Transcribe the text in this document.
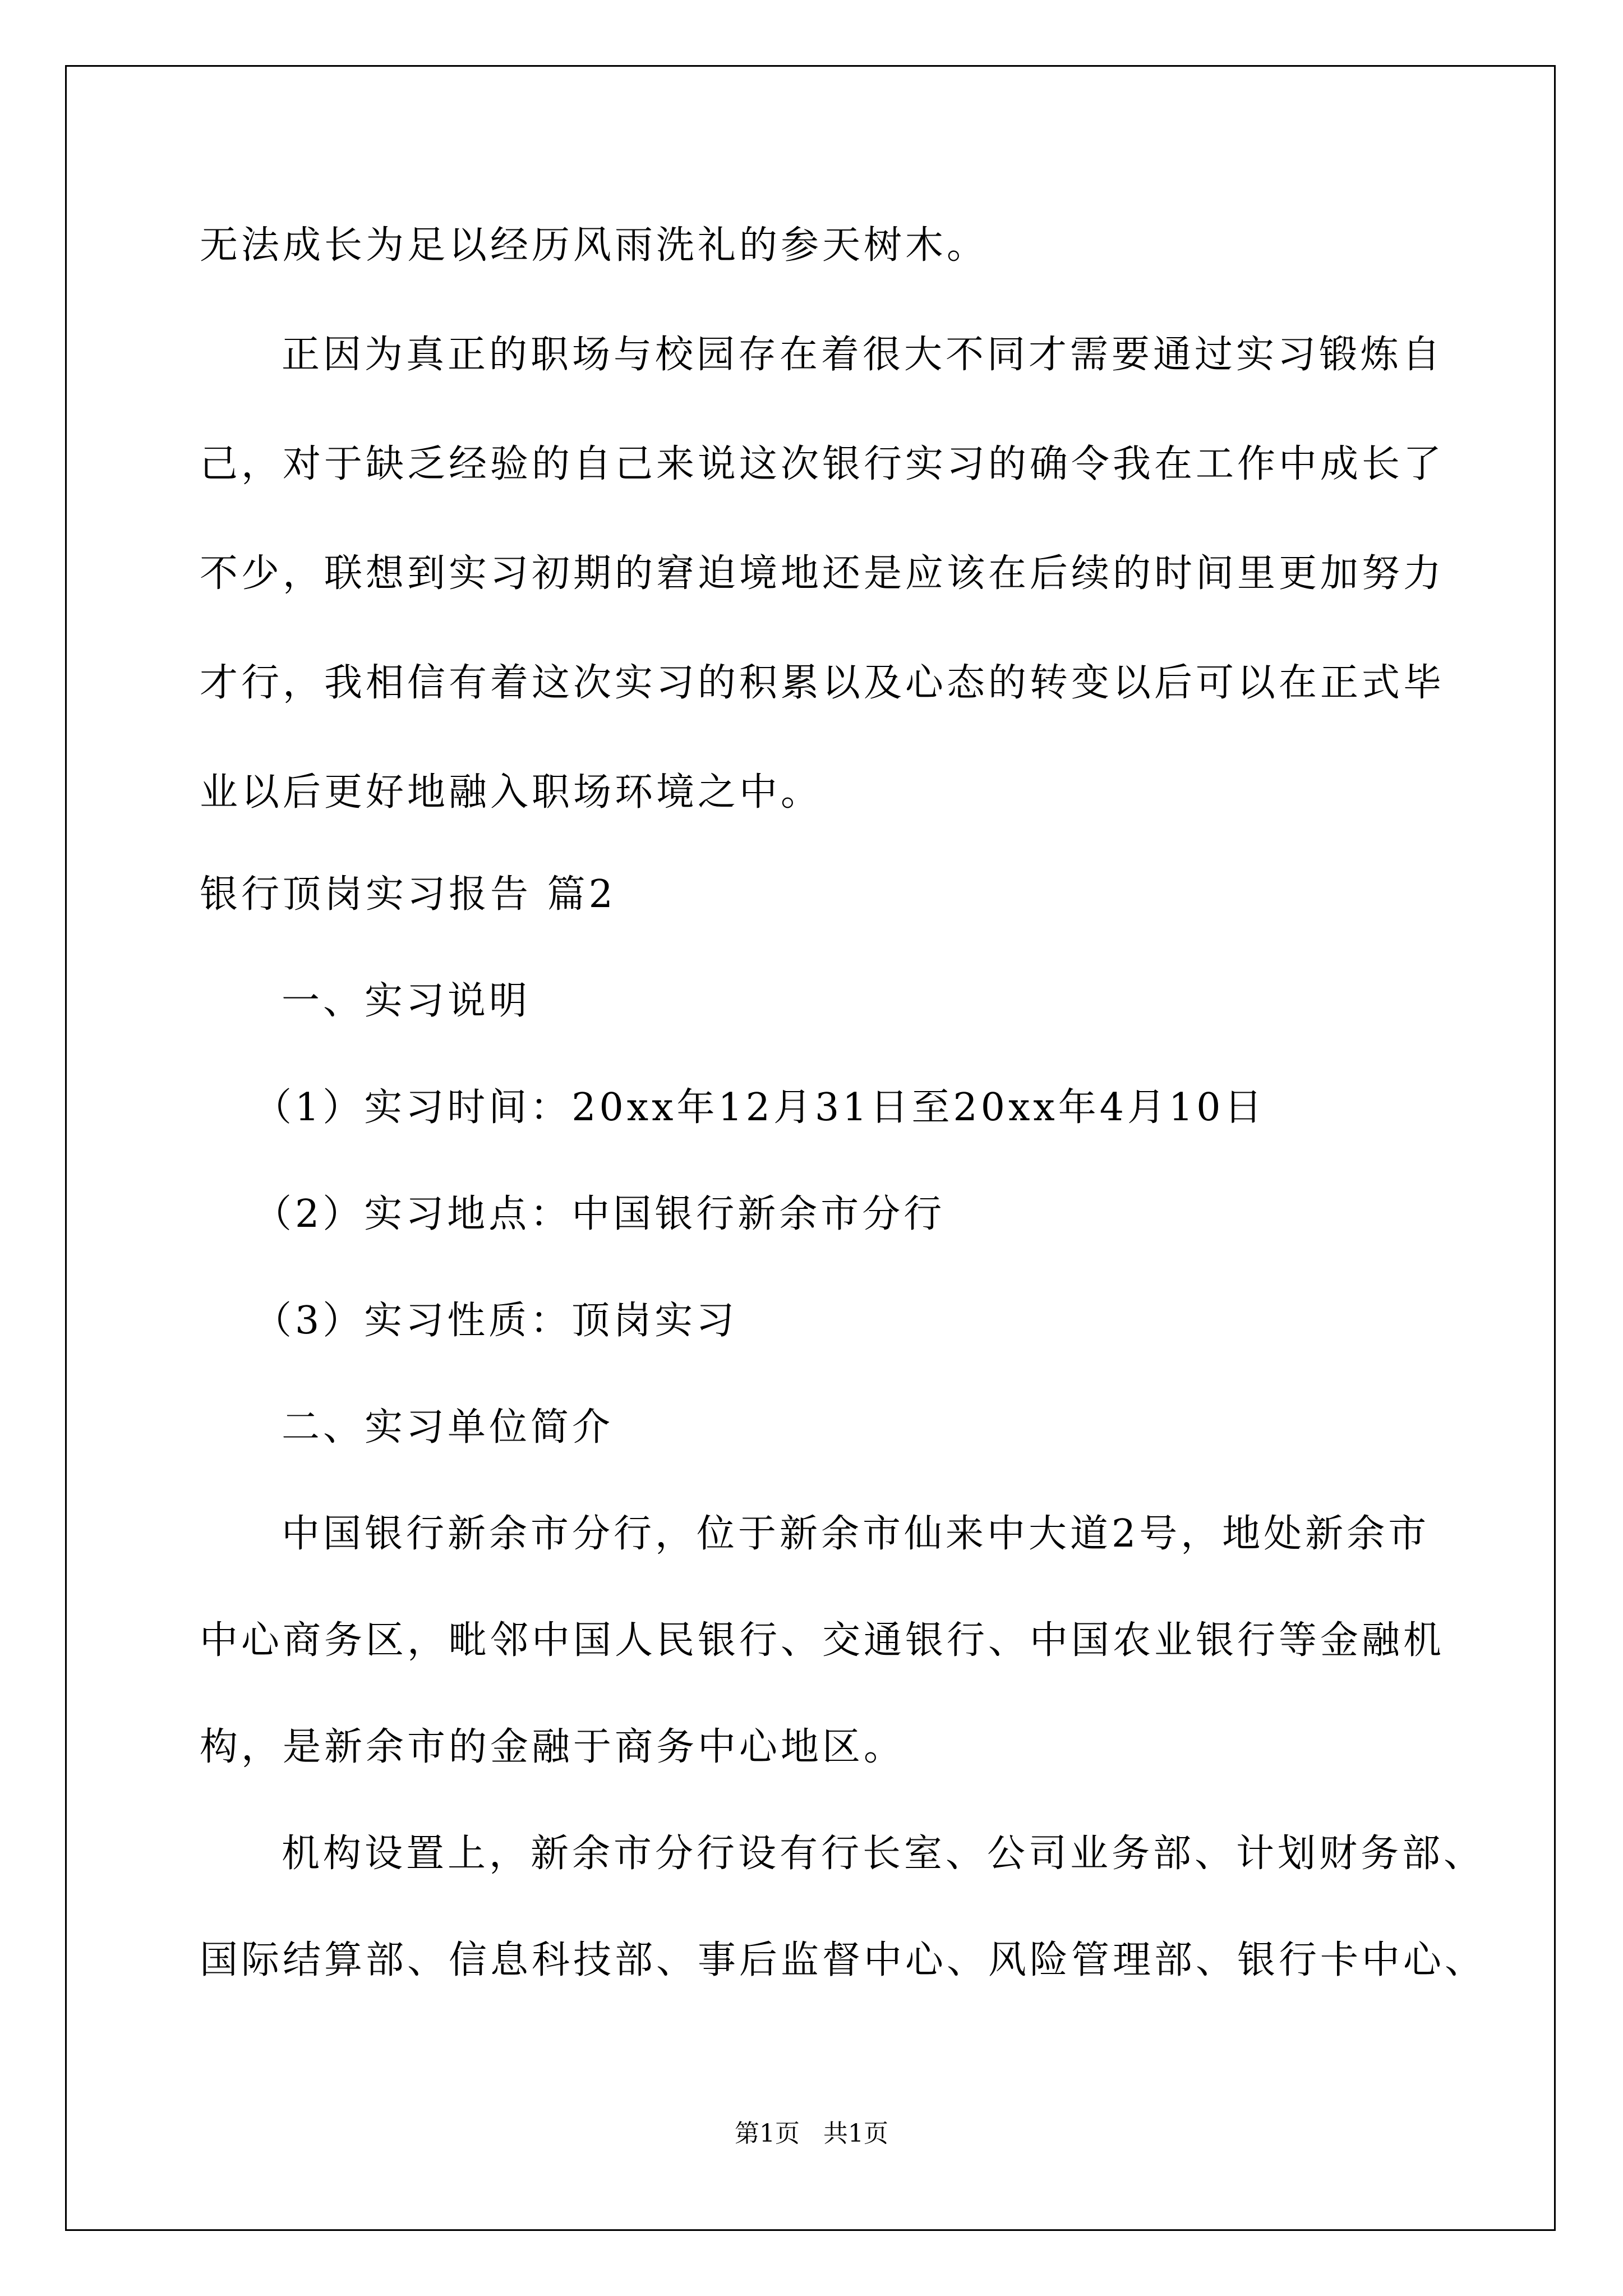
无法成长为足以经历风雨洗礼的参天树木。
正因为真正的职场与校园存在着很大不同才需要通过实习锻炼自
己，对于缺乏经验的自己来说这次银行实习的确令我在工作中成长了
不少，联想到实习初期的窘迫境地还是应该在后续的时间里更加努力
才行，我相信有着这次实习的积累以及心态的转变以后可以在正式毕
业以后更好地融入职场环境之中。
银行顶岗实习报告 篇2
一、实习说明
（1）实习时间：20xx年12月31日至20xx年4月10日
（2）实习地点：中国银行新余市分行
（3）实习性质：顶岗实习
二、实习单位简介
中国银行新余市分行，位于新余市仙来中大道2号，地处新余市
中心商务区，毗邻中国人民银行、交通银行、中国农业银行等金融机
构，是新余市的金融于商务中心地区。
机构设置上，新余市分行设有行长室、公司业务部、计划财务部、
国际结算部、信息科技部、事后监督中心、风险管理部、银行卡中心、
第1页   共1页
